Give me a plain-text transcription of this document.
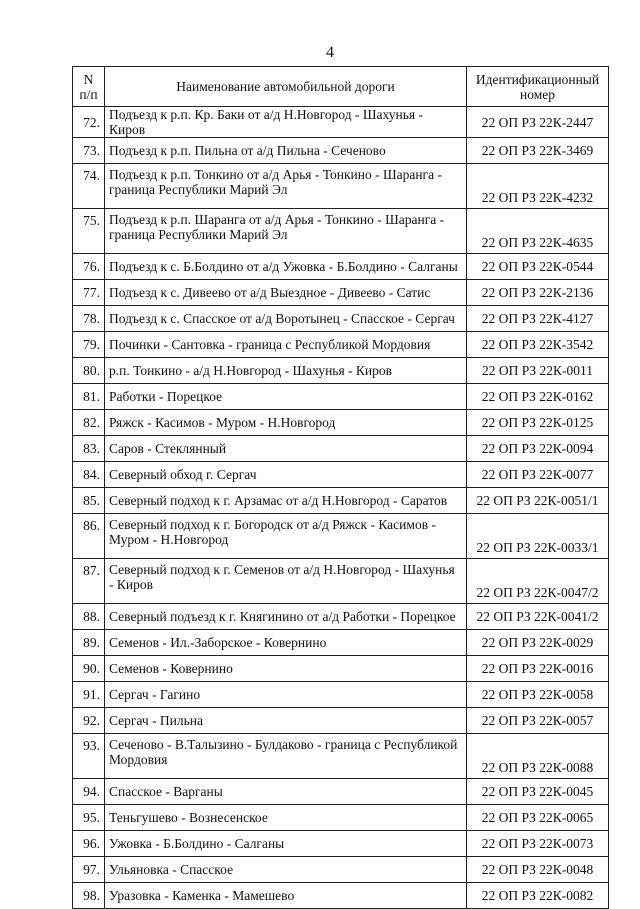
4
N п/п	Наименование автомобильной дороги	Идентификационный номер
72.	Подъезд к р.п. Кр. Баки от а/д Н.Новгород - Шахунья - Киров	22 ОП РЗ 22К-2447
73.	Подъезд к р.п. Пильна от а/д Пильна - Сеченово	22 ОП РЗ 22К-3469
74.	Подъезд к р.п. Тонкино от а/д Арья - Тонкино - Шаранга - граница Республики Марий Эл	22 ОП РЗ 22К-4232
75.	Подъезд к р.п. Шаранга от а/д Арья - Тонкино - Шаранга - граница Республики Марий Эл	22 ОП РЗ 22К-4635
76.	Подъезд к с. Б.Болдино от а/д Ужовка - Б.Болдино - Салганы	22 ОП РЗ 22К-0544
77.	Подъезд к с. Дивеево от а/д Выездное - Дивеево - Сатис	22 ОП РЗ 22К-2136
78.	Подъезд к с. Спасское от а/д Воротынец - Спасское - Сергач	22 ОП РЗ 22К-4127
79.	Починки - Сантовка - граница с Республикой Мордовия	22 ОП РЗ 22К-3542
80.	р.п. Тонкино - а/д Н.Новгород - Шахунья - Киров	22 ОП РЗ 22К-0011
81.	Работки - Порецкое	22 ОП РЗ 22К-0162
82.	Ряжск - Касимов - Муром - Н.Новгород	22 ОП РЗ 22К-0125
83.	Саров - Стеклянный	22 ОП РЗ 22К-0094
84.	Северный обход г. Сергач	22 ОП РЗ 22К-0077
85.	Северный подход к г. Арзамас от а/д Н.Новгород - Саратов	22 ОП РЗ 22К-0051/1
86.	Северный подход к г. Богородск от а/д Ряжск - Касимов - Муром - Н.Новгород	22 ОП РЗ 22К-0033/1
87.	Северный подход к г. Семенов от а/д Н.Новгород - Шахунья - Киров	22 ОП РЗ 22К-0047/2
88.	Северный подъезд к г. Княгинино от а/д Работки - Порецкое	22 ОП РЗ 22К-0041/2
89.	Семенов - Ил.-Заборское - Ковернино	22 ОП РЗ 22К-0029
90.	Семенов - Ковернино	22 ОП РЗ 22К-0016
91.	Сергач - Гагино	22 ОП РЗ 22К-0058
92.	Сергач - Пильна	22 ОП РЗ 22К-0057
93.	Сеченово - В.Талызино - Булдаково - граница с Республикой Мордовия	22 ОП РЗ 22К-0088
94.	Спасское - Варганы	22 ОП РЗ 22К-0045
95.	Теньгушево - Вознесенское	22 ОП РЗ 22К-0065
96.	Ужовка - Б.Болдино - Салганы	22 ОП РЗ 22К-0073
97.	Ульяновка - Спасское	22 ОП РЗ 22К-0048
98.	Уразовка - Каменка - Мамешево	22 ОП РЗ 22К-0082
